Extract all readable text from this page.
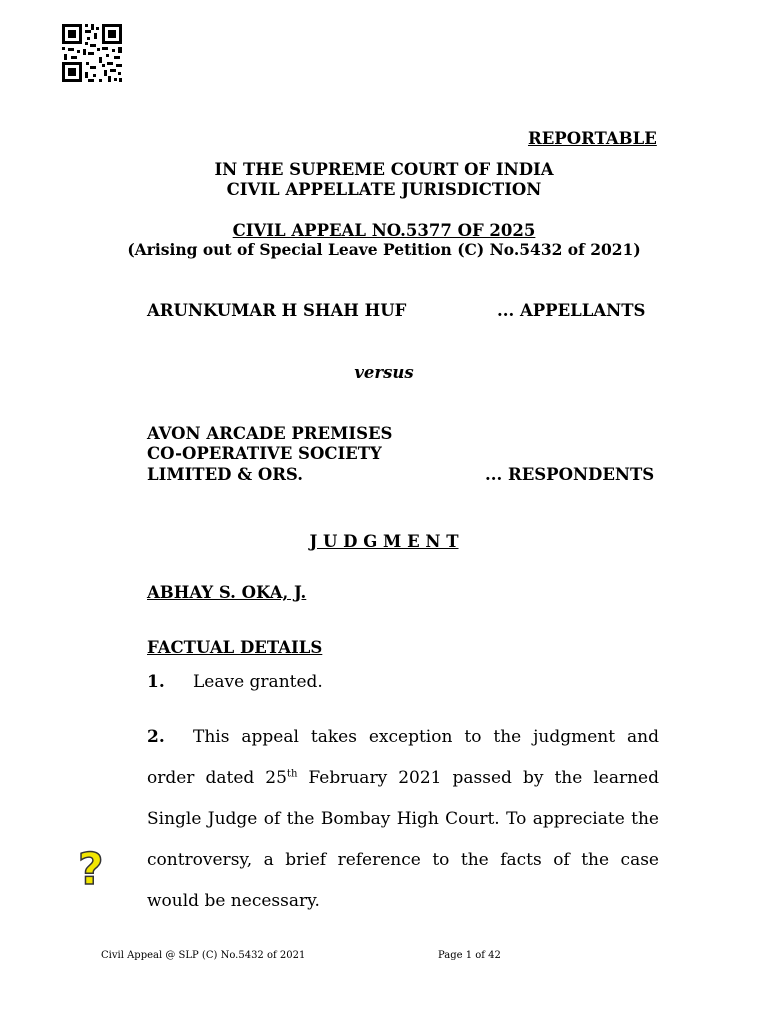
REPORTABLE
IN THE SUPREME COURT OF INDIA
CIVIL APPELLATE JURISDICTION
CIVIL APPEAL NO.5377 OF 2025
(Arising out of Special Leave Petition (C) No.5432 of 2021)
ARUNKUMAR H SHAH HUF	... APPELLANTS
versus
AVON ARCADE PREMISES
CO-OPERATIVE SOCIETY
LIMITED & ORS.	... RESPONDENTS
J U D G M E N T
ABHAY S. OKA, J.
FACTUAL DETAILS
1. Leave granted.
2. This appeal takes exception to the judgment and order dated 25th February 2021 passed by the learned Single Judge of the Bombay High Court. To appreciate the controversy, a brief reference to the facts of the case would be necessary.
?
Civil Appeal @ SLP (C) No.5432 of 2021	Page 1 of 42
